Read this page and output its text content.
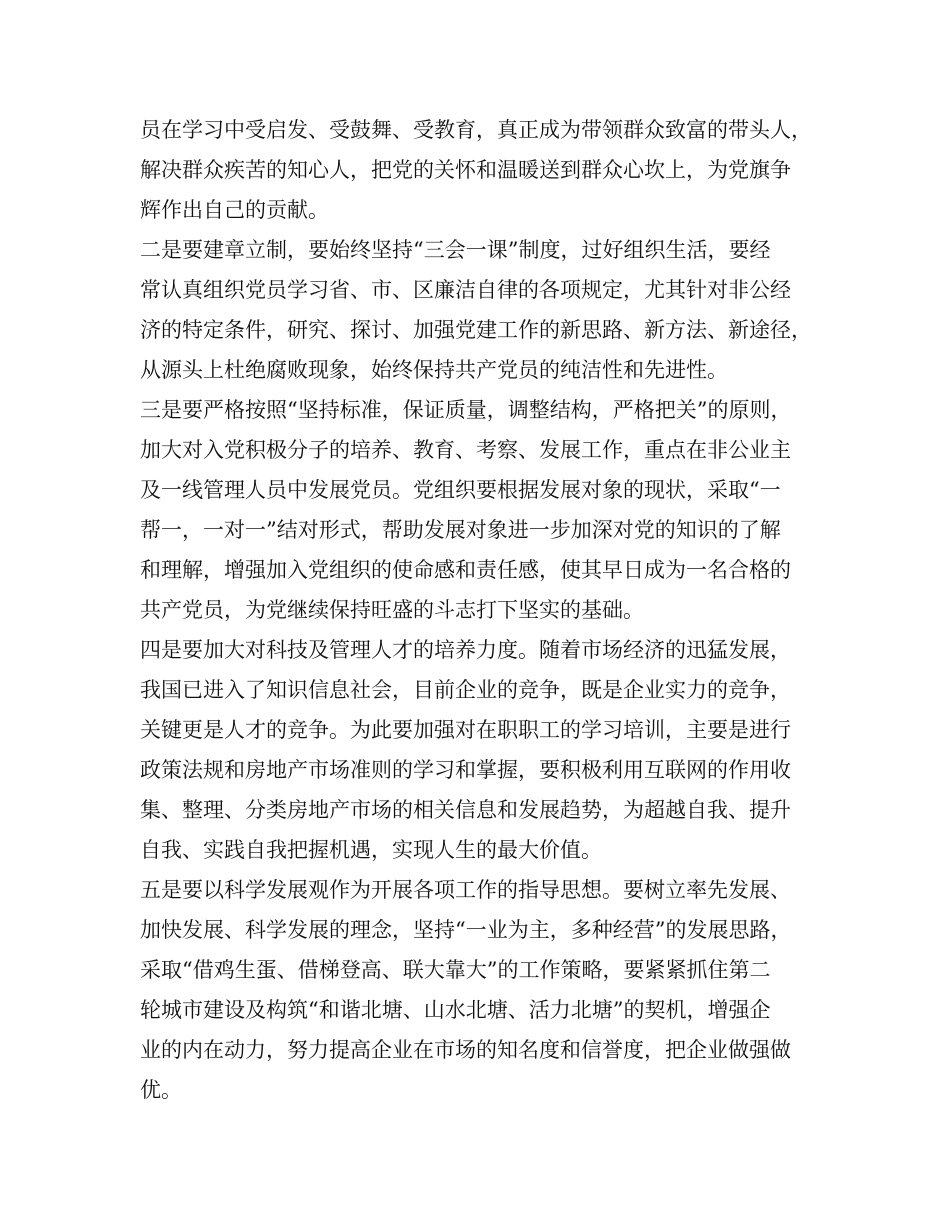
员在学习中受启发、受鼓舞、受教育，真正成为带领群众致富的带头人，
解决群众疾苦的知心人，把党的关怀和温暖送到群众心坎上，为党旗争
辉作出自己的贡献。
二是要建章立制，要始终坚持“三会一课”制度，过好组织生活，要经
常认真组织党员学习省、市、区廉洁自律的各项规定，尤其针对非公经
济的特定条件，研究、探讨、加强党建工作的新思路、新方法、新途径，
从源头上杜绝腐败现象，始终保持共产党员的纯洁性和先进性。
三是要严格按照“坚持标准，保证质量，调整结构，严格把关”的原则，
加大对入党积极分子的培养、教育、考察、发展工作，重点在非公业主
及一线管理人员中发展党员。党组织要根据发展对象的现状，采取“一
帮一，一对一”结对形式，帮助发展对象进一步加深对党的知识的了解
和理解，增强加入党组织的使命感和责任感，使其早日成为一名合格的
共产党员，为党继续保持旺盛的斗志打下坚实的基础。
四是要加大对科技及管理人才的培养力度。随着市场经济的迅猛发展，
我国已进入了知识信息社会，目前企业的竞争，既是企业实力的竞争，
关键更是人才的竞争。为此要加强对在职职工的学习培训，主要是进行
政策法规和房地产市场准则的学习和掌握，要积极利用互联网的作用收
集、整理、分类房地产市场的相关信息和发展趋势，为超越自我、提升
自我、实践自我把握机遇，实现人生的最大价值。
五是要以科学发展观作为开展各项工作的指导思想。要树立率先发展、
加快发展、科学发展的理念，坚持“一业为主，多种经营”的发展思路，
采取“借鸡生蛋、借梯登高、联大靠大”的工作策略，要紧紧抓住第二
轮城市建设及构筑“和谐北塘、山水北塘、活力北塘”的契机，增强企
业的内在动力，努力提高企业在市场的知名度和信誉度，把企业做强做
优。
